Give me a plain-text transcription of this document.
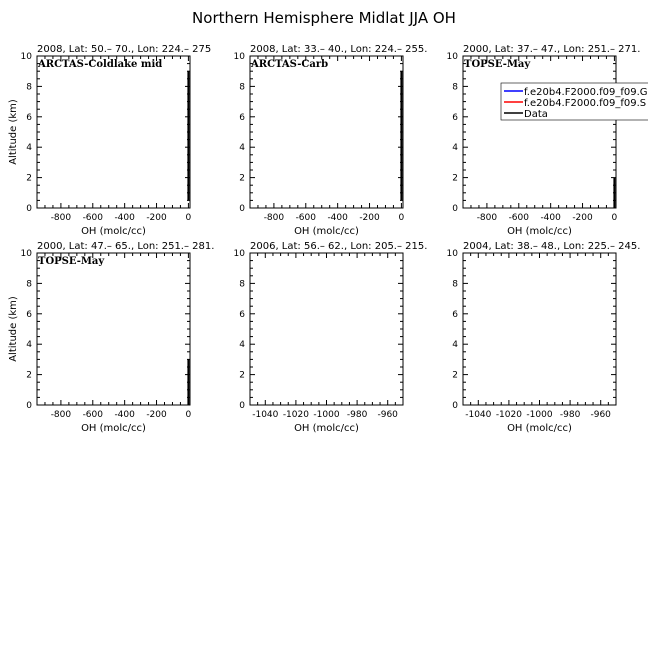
Northern Hemisphere Midlat JJA OH
0
2
4
6
8
10
-800 -600 -400 -200 0
2008, Lat: 50.– 70., Lon: 224.– 275
ARCTAS-Coldlake mid
OH (molc/cc)
Altitude (km)
0
2
4
6
8
10
-800 -600 -400 -200 0
2008, Lat: 33.– 40., Lon: 224.– 255.
ARCTAS-Carb
OH (molc/cc)
0
2
4
6
8
10
-800 -600 -400 -200 0
2000, Lat: 37.– 47., Lon: 251.– 271.
TOPSE-May
OH (molc/cc)
0
2
4
6
8
10
-800 -600 -400 -200 0
2000, Lat: 47.– 65., Lon: 251.– 281.
TOPSE-May
OH (molc/cc)
Altitude (km)
0
2
4
6
8
10
-1040 -1020 -1000 -980 -960
2006, Lat: 56.– 62., Lon: 205.– 215.
OH (molc/cc)
0
2
4
6
8
10
-1040 -1020 -1000 -980 -960
2004, Lat: 38.– 48., Lon: 225.– 245.
OH (molc/cc)
f.e20b4.F2000.f09_f09.G
f.e20b4.F2000.f09_f09.S
Data
